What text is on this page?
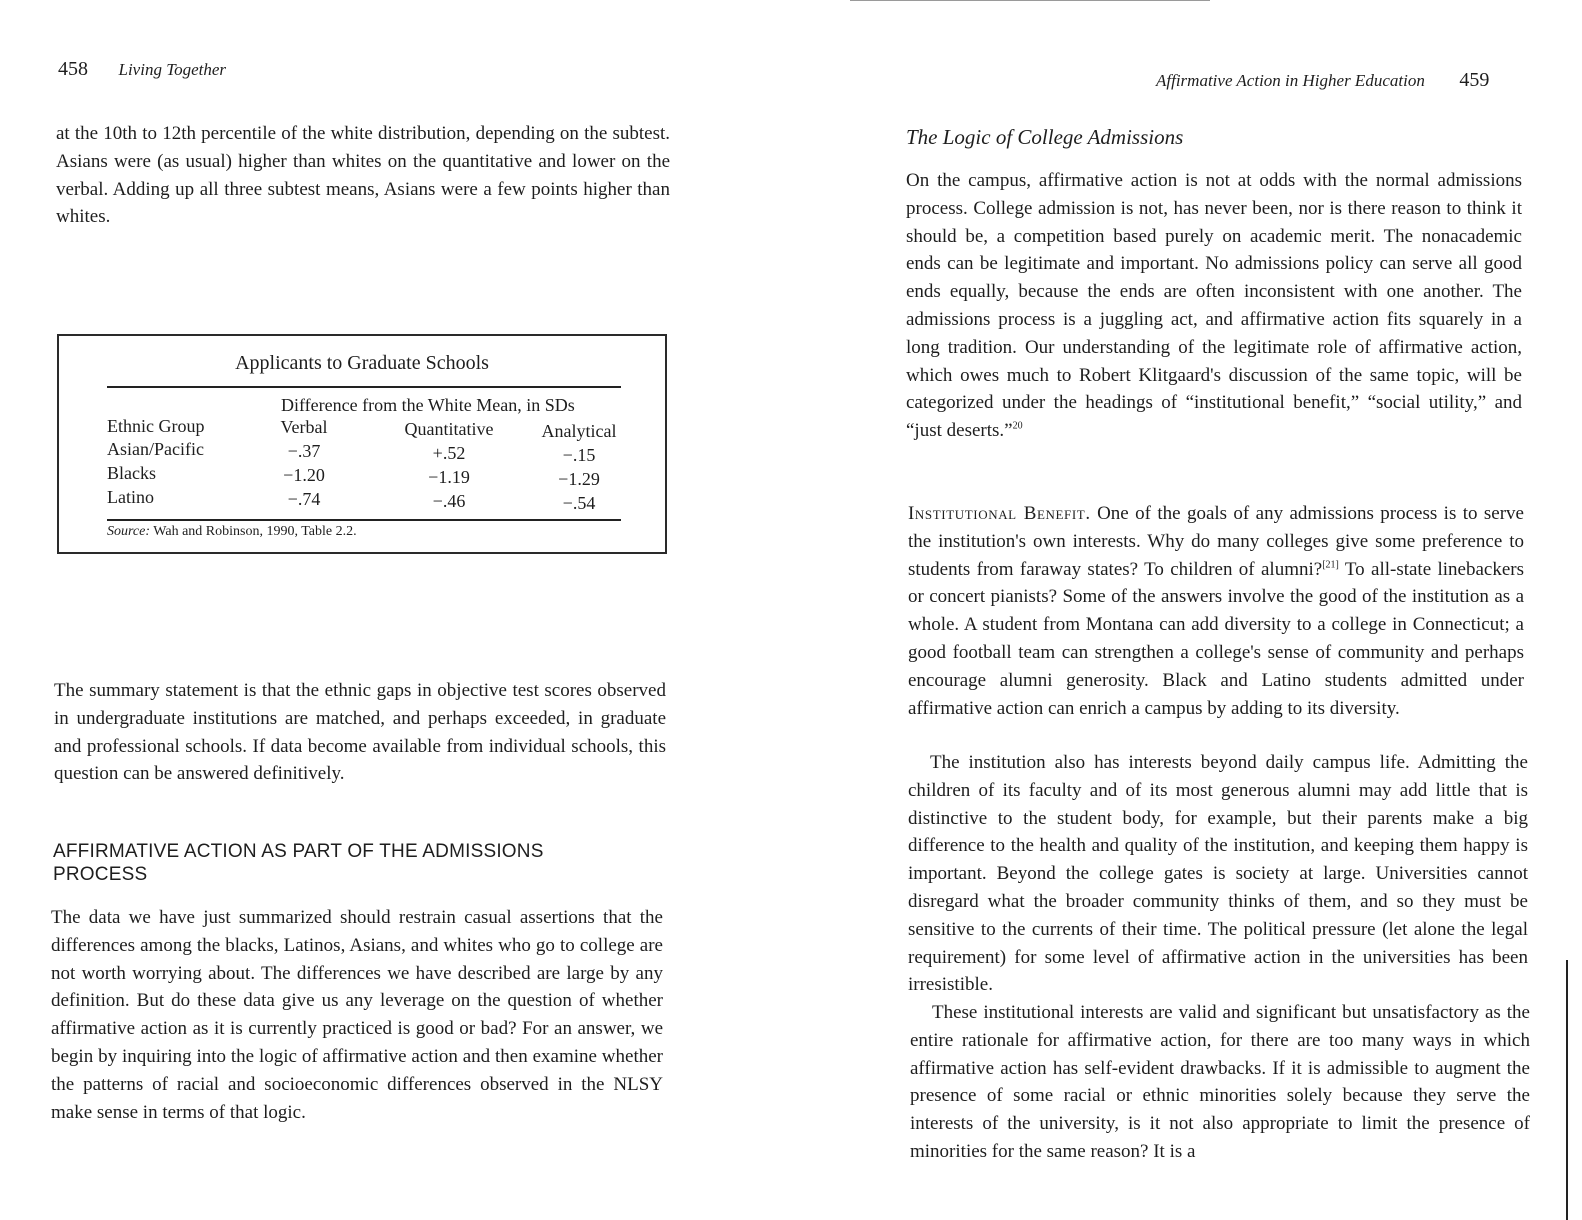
458 Living Together

at the 10th to 12th percentile of the white distribution, depending on the subtest. Asians were (as usual) higher than whites on the quantitative and lower on the verbal. Adding up all three subtest means, Asians were a few points higher than whites.

Applicants to Graduate Schools
Difference from the White Mean, in SDs
Ethnic Group	Verbal	Quantitative	Analytical
Asian/Pacific	−.37	+.52	−.15
Blacks	−1.20	−1.19	−1.29
Latino	−.74	−.46	−.54
Source: Wah and Robinson, 1990, Table 2.2.

The summary statement is that the ethnic gaps in objective test scores observed in undergraduate institutions are matched, and perhaps exceeded, in graduate and professional schools. If data become available from individual schools, this question can be answered definitively.

AFFIRMATIVE ACTION AS PART OF THE ADMISSIONS
PROCESS

The data we have just summarized should restrain casual assertions that the differences among the blacks, Latinos, Asians, and whites who go to college are not worth worrying about. The differences we have described are large by any definition. But do these data give us any leverage on the question of whether affirmative action as it is currently practiced is good or bad? For an answer, we begin by inquiring into the logic of affirmative action and then examine whether the patterns of racial and socioeconomic differences observed in the NLSY make sense in terms of that logic.

Affirmative Action in Higher Education 459
The Logic of College Admissions

On the campus, affirmative action is not at odds with the normal admissions process. College admission is not, has never been, nor is there reason to think it should be, a competition based purely on academic merit. The nonacademic ends can be legitimate and important. No admissions policy can serve all good ends equally, because the ends are often inconsistent with one another. The admissions process is a juggling act, and affirmative action fits squarely in a long tradition. Our understanding of the legitimate role of affirmative action, which owes much to Robert Klitgaard's discussion of the same topic, will be categorized under the headings of “institutional benefit,” “social utility,” and “just deserts.”$^{20}$

Institutional Benefit. One of the goals of any admissions process is to serve the institution's own interests. Why do many colleges give some preference to students from faraway states? To children of alumni?[21] To all-state linebackers or concert pianists? Some of the answers involve the good of the institution as a whole. A student from Montana can add diversity to a college in Connecticut; a good football team can strengthen a college's sense of community and perhaps encourage alumni generosity. Black and Latino students admitted under affirmative action can enrich a campus by adding to its diversity.

The institution also has interests beyond daily campus life. Admitting the children of its faculty and of its most generous alumni may add little that is distinctive to the student body, for example, but their parents make a big difference to the health and quality of the institution, and keeping them happy is important. Beyond the college gates is society at large. Universities cannot disregard what the broader community thinks of them, and so they must be sensitive to the currents of their time. The political pressure (let alone the legal requirement) for some level of affirmative action in the universities has been irresistible.

These institutional interests are valid and significant but unsatisfactory as the entire rationale for affirmative action, for there are too many ways in which affirmative action has self-evident drawbacks. If it is admissible to augment the presence of some racial or ethnic minorities solely because they serve the interests of the university, is it not also appropriate to limit the presence of minorities for the same reason? It is a
